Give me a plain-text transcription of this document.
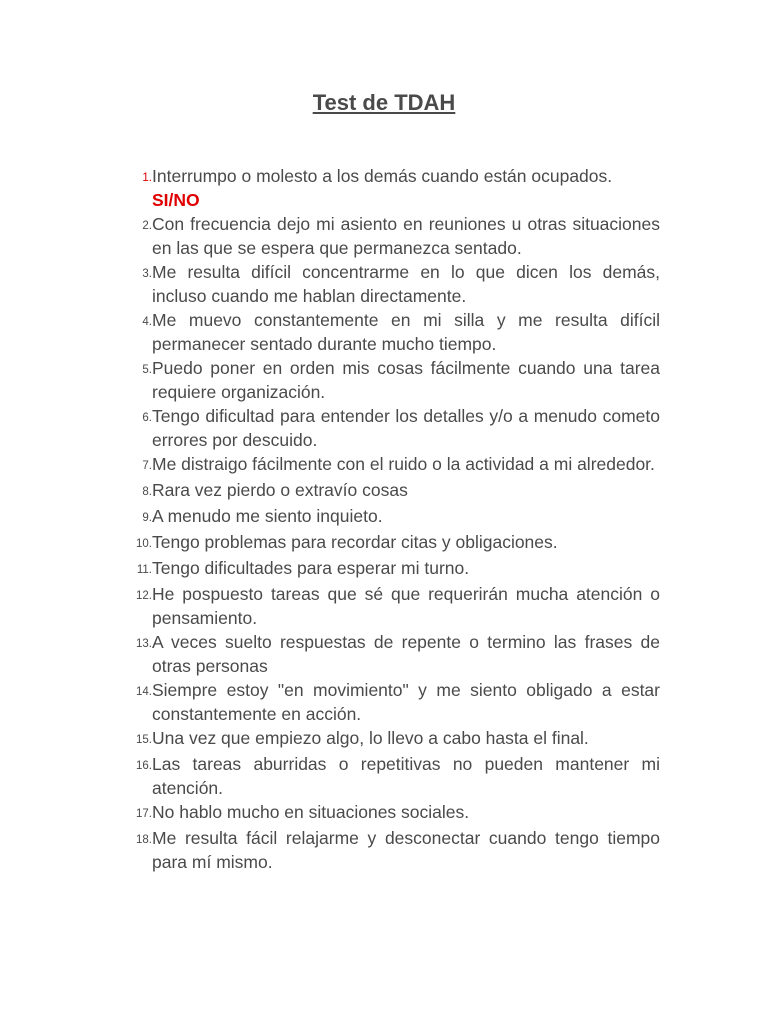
Test de TDAH
1. Interrumpo o molesto a los demás cuando están ocupados.
SI/NO
2. Con frecuencia dejo mi asiento en reuniones u otras situaciones en las que se espera que permanezca sentado.
3. Me resulta difícil concentrarme en lo que dicen los demás, incluso cuando me hablan directamente.
4. Me muevo constantemente en mi silla y me resulta difícil permanecer sentado durante mucho tiempo.
5. Puedo poner en orden mis cosas fácilmente cuando una tarea requiere organización.
6. Tengo dificultad para entender los detalles y/o a menudo cometo errores por descuido.
7. Me distraigo fácilmente con el ruido o la actividad a mi alrededor.
8. Rara vez pierdo o extravío cosas
9. A menudo me siento inquieto.
10. Tengo problemas para recordar citas y obligaciones.
11. Tengo dificultades para esperar mi turno.
12. He pospuesto tareas que sé que requerirán mucha atención o pensamiento.
13. A veces suelto respuestas de repente o termino las frases de otras personas
14. Siempre estoy "en movimiento" y me siento obligado a estar constantemente en acción.
15. Una vez que empiezo algo, lo llevo a cabo hasta el final.
16. Las tareas aburridas o repetitivas no pueden mantener mi atención.
17. No hablo mucho en situaciones sociales.
18. Me resulta fácil relajarme y desconectar cuando tengo tiempo para mí mismo.
